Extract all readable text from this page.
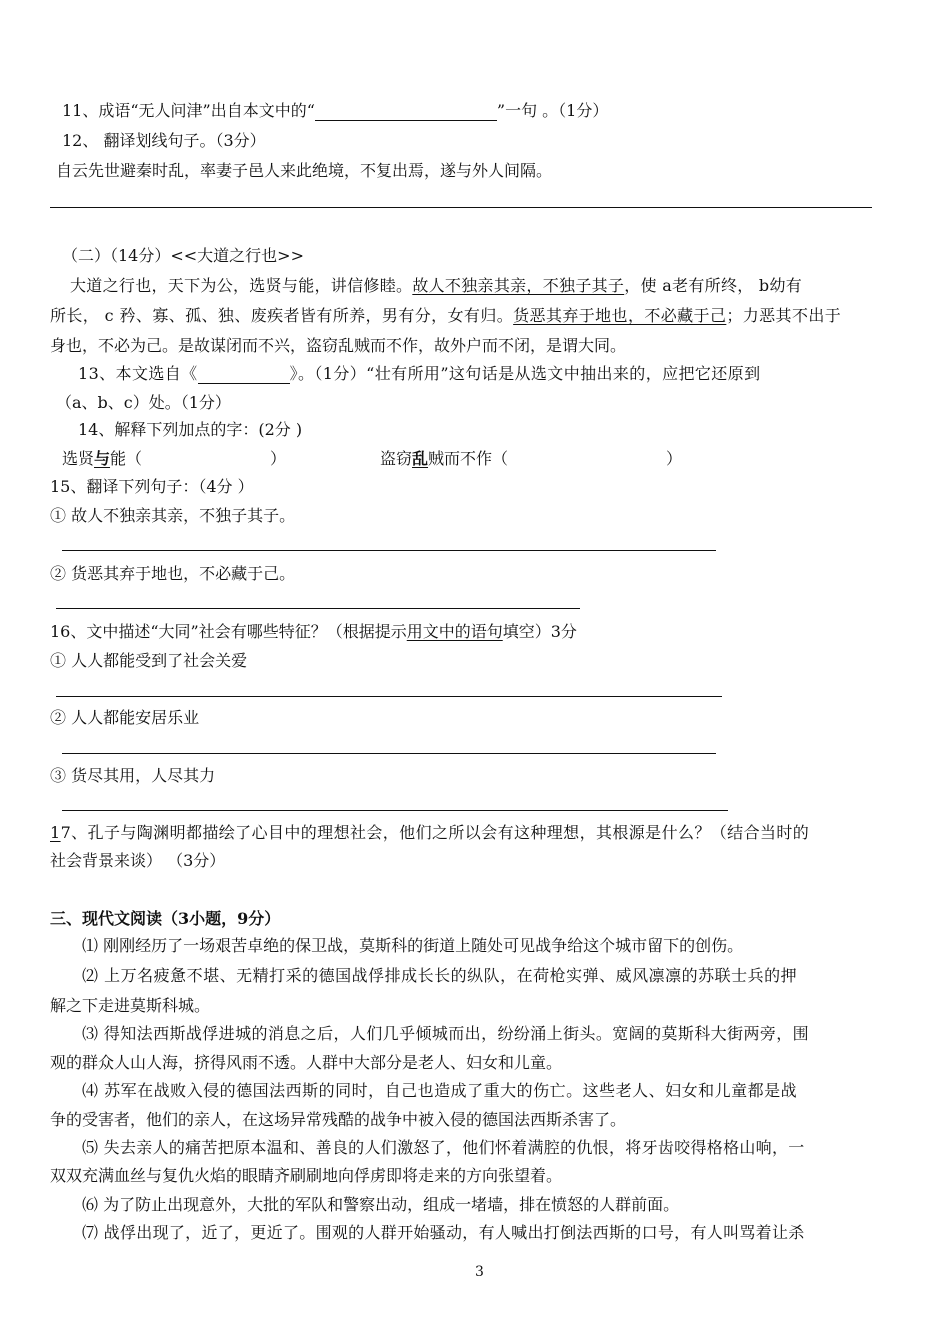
11、成语“无人问津”出自本文中的“	”一句 。（1分）
12、 翻译划线句子。（3分）
自云先世避秦时乱，率妻子邑人来此绝境，不复出焉，遂与外人间隔。
（二）（14分）<<大道之行也>>
大道之行也，天下为公，选贤与能，讲信修睦。故人不独亲其亲，不独子其子，使 a老有所终， b幼有
所长， c 矜、寡、孤、独、废疾者皆有所养，男有分，女有归。货恶其弃于地也，不必藏于己；力恶其不出于
身也，不必为己。是故谋闭而不兴，盗窃乱贼而不作，故外户而不闭，是谓大同。
13、本文选自《	》。（1分）“壮有所用”这句话是从选文中抽出来的，应把它还原到
（a、b、c）处。（1分）
14、解释下列加点的字：(2分 )
选贤与能（	）	盗窃乱贼而不作（	）
15、翻译下列句子：（4分 ）
① 故人不独亲其亲，不独子其子。
② 货恶其弃于地也，不必藏于己。
16、文中描述“大同”社会有哪些特征？（根据提示用文中的语句填空）3分
① 人人都能受到了社会关爱
② 人人都能安居乐业
③ 货尽其用，人尽其力
17、孔子与陶渊明都描绘了心目中的理想社会，他们之所以会有这种理想，其根源是什么？（结合当时的
社会背景来谈） （3分）
三、现代文阅读（3小题，9分）
⑴ 刚刚经历了一场艰苦卓绝的保卫战，莫斯科的街道上随处可见战争给这个城市留下的创伤。
⑵ 上万名疲惫不堪、无精打采的德国战俘排成长长的纵队，在荷枪实弹、威风凛凛的苏联士兵的押
解之下走进莫斯科城。
⑶ 得知法西斯战俘进城的消息之后，人们几乎倾城而出，纷纷涌上街头。宽阔的莫斯科大街两旁，围
观的群众人山人海，挤得风雨不透。人群中大部分是老人、妇女和儿童。
⑷ 苏军在战败入侵的德国法西斯的同时，自己也造成了重大的伤亡。这些老人、妇女和儿童都是战
争的受害者，他们的亲人，在这场异常残酷的战争中被入侵的德国法西斯杀害了。
⑸ 失去亲人的痛苦把原本温和、善良的人们激怒了，他们怀着满腔的仇恨，将牙齿咬得格格山响，一
双双充满血丝与复仇火焰的眼睛齐刷刷地向俘虏即将走来的方向张望着。
⑹ 为了防止出现意外，大批的军队和警察出动，组成一堵墙，排在愤怒的人群前面。
⑺ 战俘出现了，近了，更近了。围观的人群开始骚动，有人喊出打倒法西斯的口号，有人叫骂着让杀
3
